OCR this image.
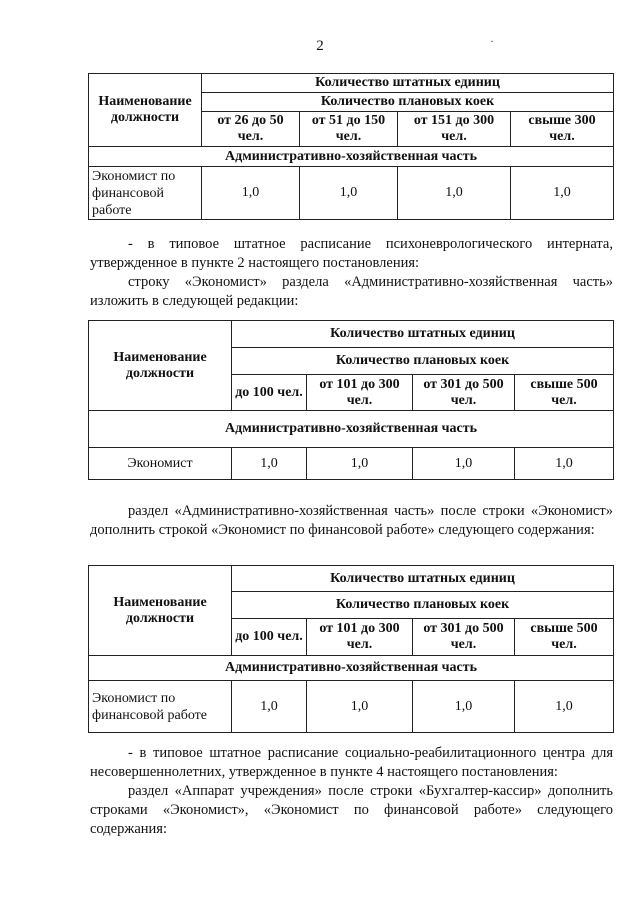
2	·
Наименование должности	Количество штатных единиц			
	Количество плановых коек			
	от 26 до 50 чел.	от 51 до 150 чел.	от 151 до 300 чел.	свыше 300 чел.
Административно-хозяйственная часть				
Экономист по финансовой работе	1,0	1,0	1,0	1,0

- в типовое штатное расписание психоневрологического интерната, утвержденное в пункте 2 настоящего постановления:

строку «Экономист» раздела «Административно-хозяйственная часть» изложить в следующей редакции:

Наименование должности	Количество штатных единиц			
	Количество плановых коек			
	до 100 чел.	от 101 до 300 чел.	от 301 до 500 чел.	свыше 500 чел.
Административно-хозяйственная часть				
Экономист	1,0	1,0	1,0	1,0

раздел «Административно-хозяйственная часть» после строки «Экономист» дополнить строкой «Экономист по финансовой работе» следующего содержания:

Наименование должности	Количество штатных единиц			
	Количество плановых коек			
	до 100 чел.	от 101 до 300 чел.	от 301 до 500 чел.	свыше 500 чел.
Административно-хозяйственная часть				
Экономист по финансовой работе	1,0	1,0	1,0	1,0

- в типовое штатное расписание социально-реабилитационного центра для несовершеннолетних, утвержденное в пункте 4 настоящего постановления:

раздел «Аппарат учреждения» после строки «Бухгалтер-кассир» дополнить строками «Экономист», «Экономист по финансовой работе» следующего содержания:
